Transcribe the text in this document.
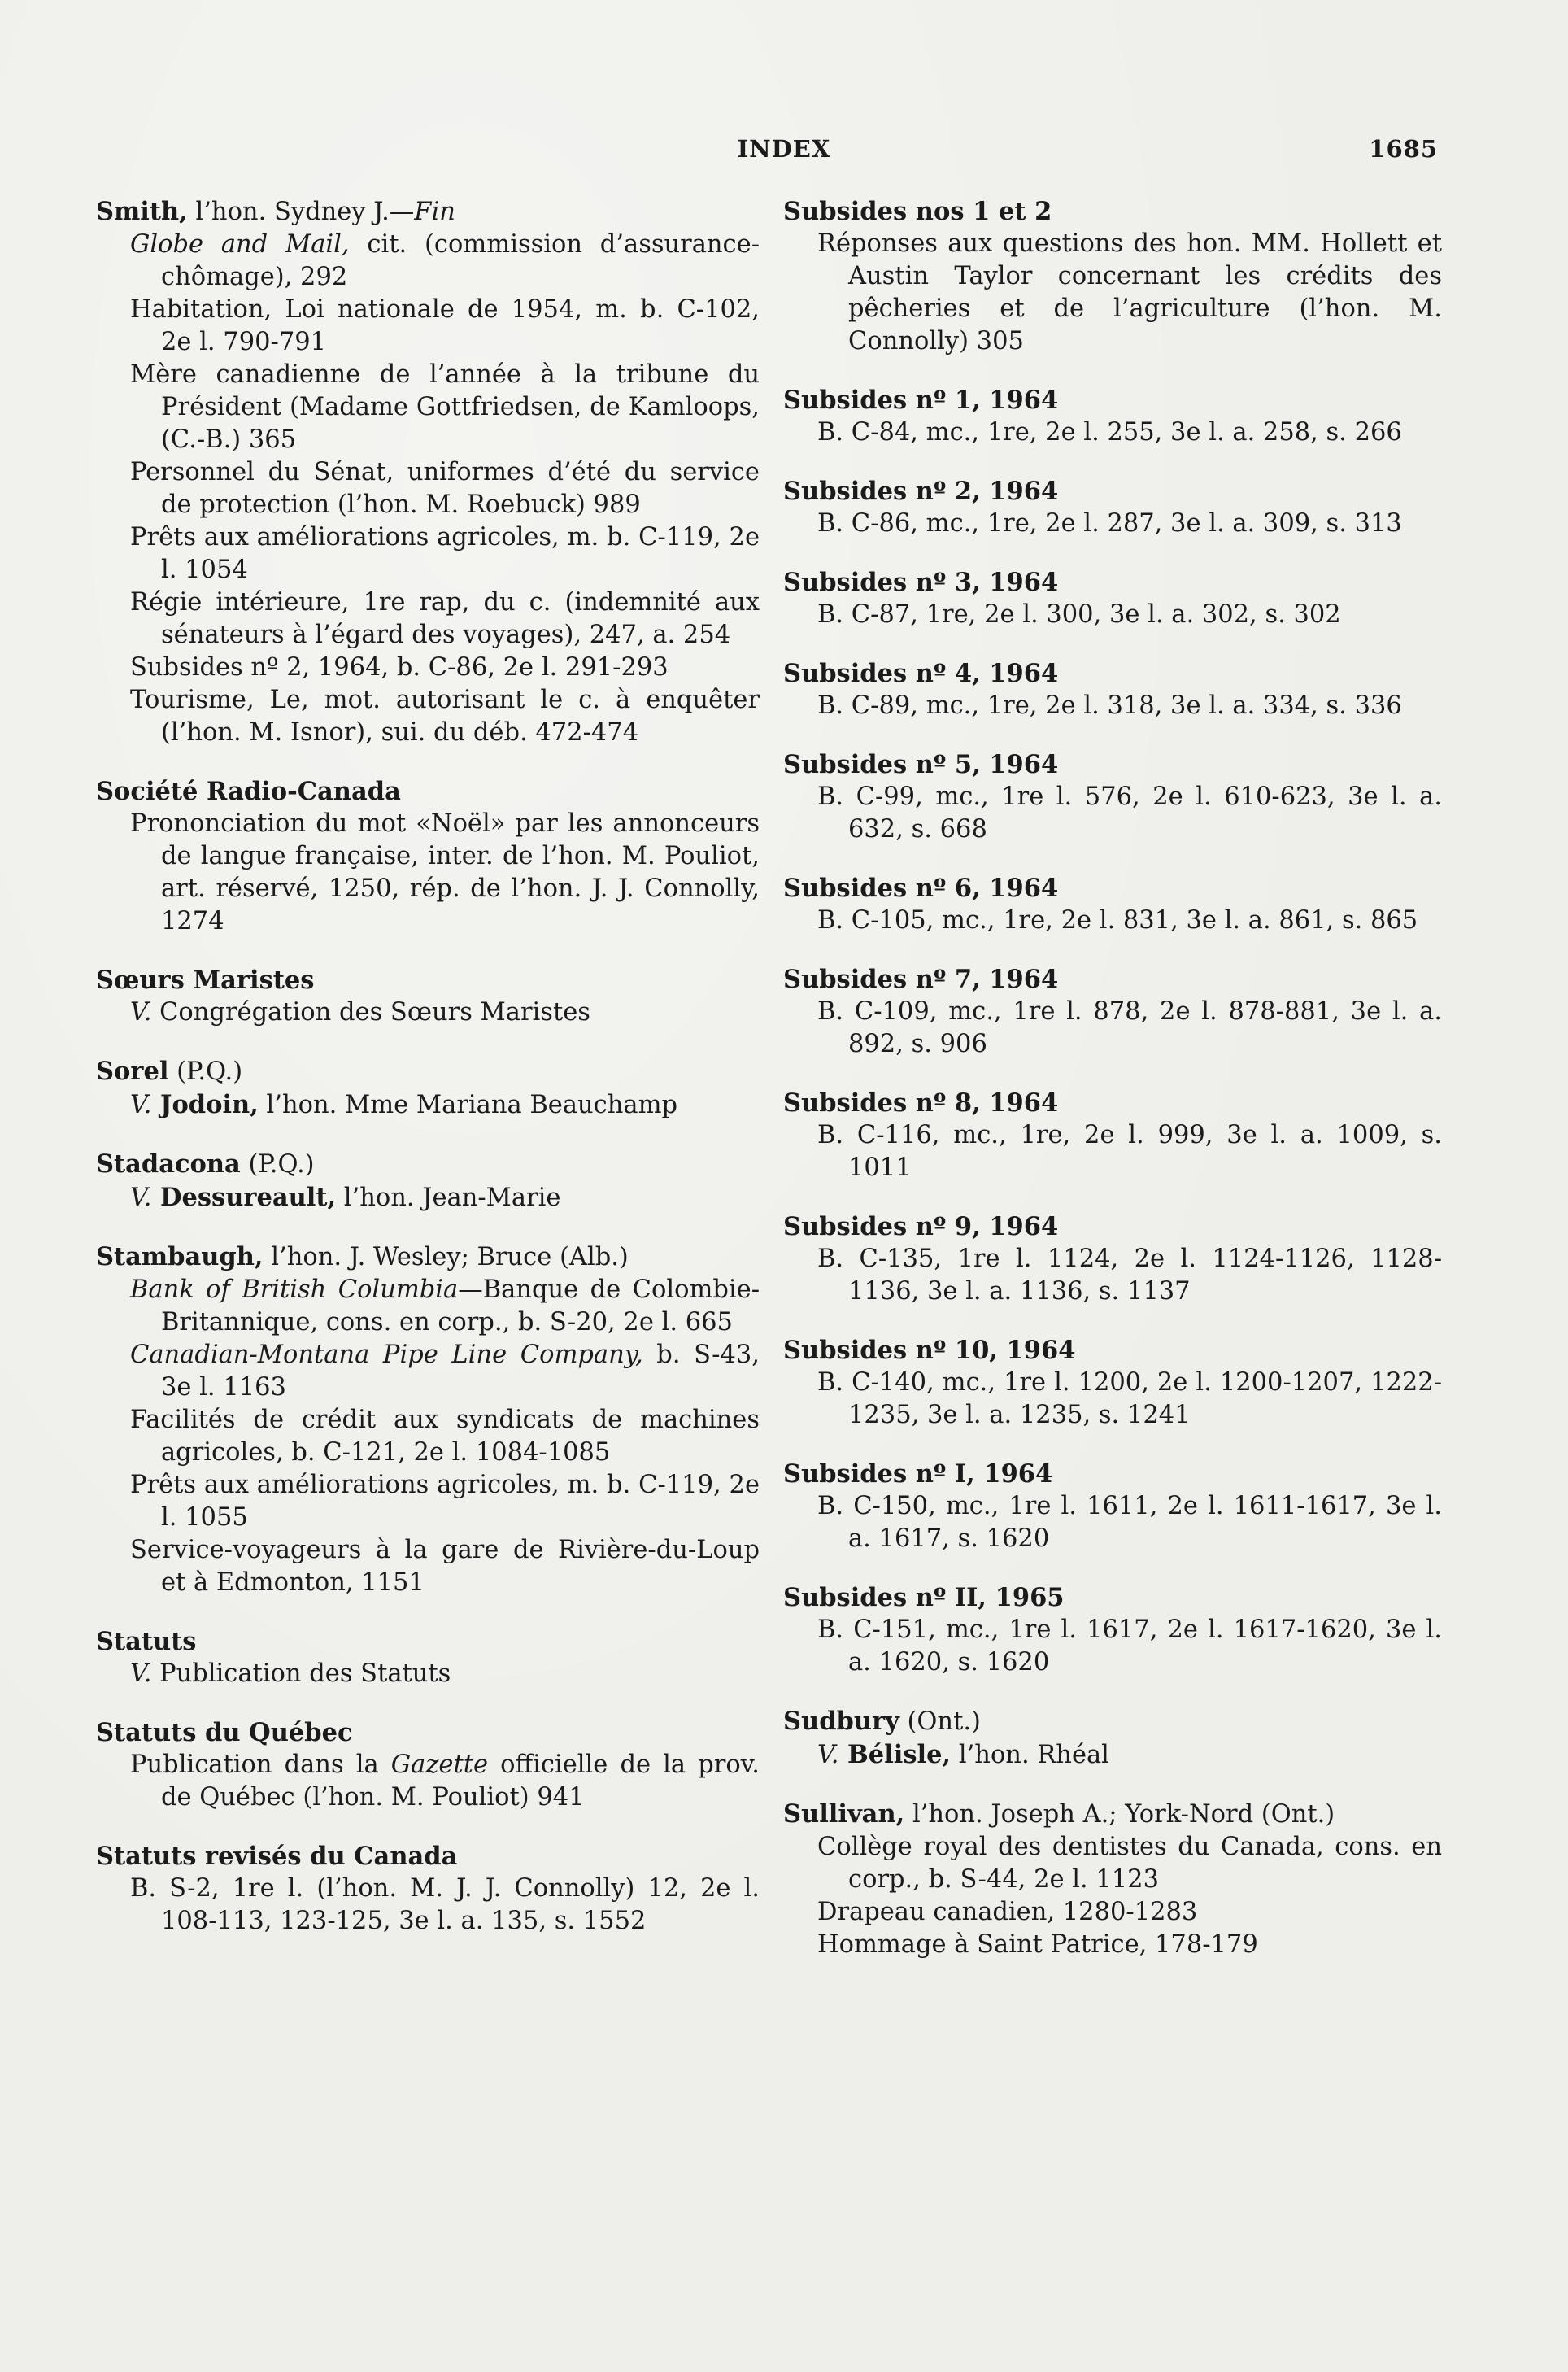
INDEX	1685
Smith, l’hon. Sydney J.—Fin
Globe and Mail, cit. (commission d’assurance-chômage), 292
Habitation, Loi nationale de 1954, m. b. C-102, 2e l. 790-791
Mère canadienne de l’année à la tribune du Président (Madame Gottfriedsen, de Kamloops, (C.-B.) 365
Personnel du Sénat, uniformes d’été du service de protection (l’hon. M. Roebuck) 989
Prêts aux améliorations agricoles, m. b. C-119, 2e l. 1054
Régie intérieure, 1re rap, du c. (indemnité aux sénateurs à l’égard des voyages), 247, a. 254
Subsides nº 2, 1964, b. C-86, 2e l. 291-293
Tourisme, Le, mot. autorisant le c. à enquêter (l’hon. M. Isnor), sui. du déb. 472-474
Société Radio-Canada
Prononciation du mot «Noël» par les annonceurs de langue française, inter. de l’hon. M. Pouliot, art. réservé, 1250, rép. de l’hon. J. J. Connolly, 1274
Sœurs Maristes
V. Congrégation des Sœurs Maristes
Sorel (P.Q.)
V. Jodoin, l’hon. Mme Mariana Beauchamp
Stadacona (P.Q.)
V. Dessureault, l’hon. Jean-Marie
Stambaugh, l’hon. J. Wesley; Bruce (Alb.)
Bank of British Columbia—Banque de Colombie-Britannique, cons. en corp., b. S-20, 2e l. 665
Canadian-Montana Pipe Line Company, b. S-43, 3e l. 1163
Facilités de crédit aux syndicats de machines agricoles, b. C-121, 2e l. 1084-1085
Prêts aux améliorations agricoles, m. b. C-119, 2e l. 1055
Service-voyageurs à la gare de Rivière-du-Loup et à Edmonton, 1151
Statuts
V. Publication des Statuts
Statuts du Québec
Publication dans la Gazette officielle de la prov. de Québec (l’hon. M. Pouliot) 941
Statuts revisés du Canada
B. S-2, 1re l. (l’hon. M. J. J. Connolly) 12, 2e l. 108-113, 123-125, 3e l. a. 135, s. 1552
Subsides nos 1 et 2
Réponses aux questions des hon. MM. Hollett et Austin Taylor concernant les crédits des pêcheries et de l’agriculture (l’hon. M. Connolly) 305
Subsides nº 1, 1964
B. C-84, mc., 1re, 2e l. 255, 3e l. a. 258, s. 266
Subsides nº 2, 1964
B. C-86, mc., 1re, 2e l. 287, 3e l. a. 309, s. 313
Subsides nº 3, 1964
B. C-87, 1re, 2e l. 300, 3e l. a. 302, s. 302
Subsides nº 4, 1964
B. C-89, mc., 1re, 2e l. 318, 3e l. a. 334, s. 336
Subsides nº 5, 1964
B. C-99, mc., 1re l. 576, 2e l. 610-623, 3e l. a. 632, s. 668
Subsides nº 6, 1964
B. C-105, mc., 1re, 2e l. 831, 3e l. a. 861, s. 865
Subsides nº 7, 1964
B. C-109, mc., 1re l. 878, 2e l. 878-881, 3e l. a. 892, s. 906
Subsides nº 8, 1964
B. C-116, mc., 1re, 2e l. 999, 3e l. a. 1009, s. 1011
Subsides nº 9, 1964
B. C-135, 1re l. 1124, 2e l. 1124-1126, 1128-1136, 3e l. a. 1136, s. 1137
Subsides nº 10, 1964
B. C-140, mc., 1re l. 1200, 2e l. 1200-1207, 1222-1235, 3e l. a. 1235, s. 1241
Subsides nº I, 1964
B. C-150, mc., 1re l. 1611, 2e l. 1611-1617, 3e l. a. 1617, s. 1620
Subsides nº II, 1965
B. C-151, mc., 1re l. 1617, 2e l. 1617-1620, 3e l. a. 1620, s. 1620
Sudbury (Ont.)
V. Bélisle, l’hon. Rhéal
Sullivan, l’hon. Joseph A.; York-Nord (Ont.)
Collège royal des dentistes du Canada, cons. en corp., b. S-44, 2e l. 1123
Drapeau canadien, 1280-1283
Hommage à Saint Patrice, 178-179
